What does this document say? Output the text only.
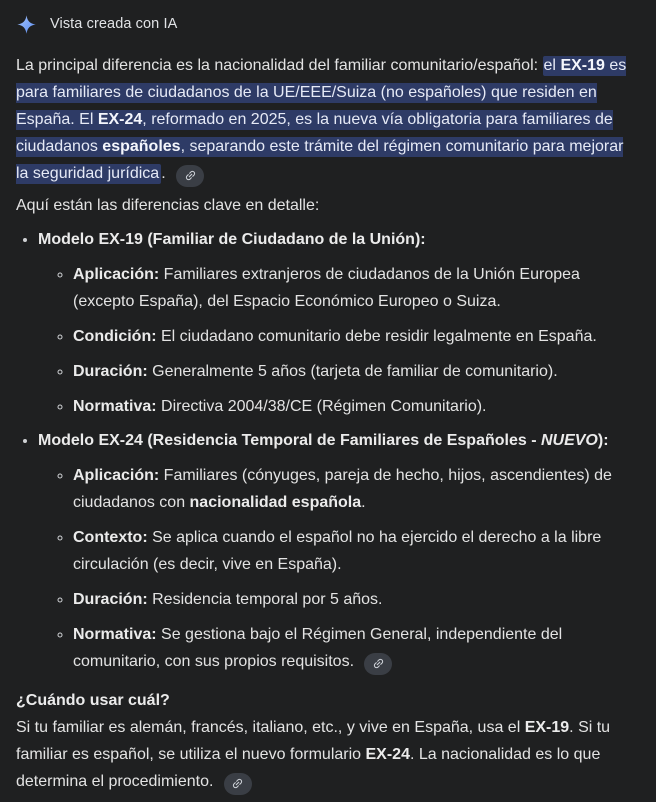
Vista creada con IA

La principal diferencia es la nacionalidad del familiar comunitario/español: el EX-19 es para familiares de ciudadanos de la UE/EEE/Suiza (no españoles) que residen en España. El EX-24, reformado en 2025, es la nueva vía obligatoria para familiares de ciudadanos españoles, separando este trámite del régimen comunitario para mejorar la seguridad jurídica .

Aquí están las diferencias clave en detalle:

• Modelo EX-19 (Familiar de Ciudadano de la Unión):
◦ Aplicación: Familiares extranjeros de ciudadanos de la Unión Europea (excepto España), del Espacio Económico Europeo o Suiza.
◦ Condición: El ciudadano comunitario debe residir legalmente en España.
◦ Duración: Generalmente 5 años (tarjeta de familiar de comunitario).
◦ Normativa: Directiva 2004/38/CE (Régimen Comunitario).
• Modelo EX-24 (Residencia Temporal de Familiares de Españoles - NUEVO):
◦ Aplicación: Familiares (cónyuges, pareja de hecho, hijos, ascendientes) de ciudadanos con nacionalidad española.
◦ Contexto: Se aplica cuando el español no ha ejercido el derecho a la libre circulación (es decir, vive en España).
◦ Duración: Residencia temporal por 5 años.
◦ Normativa: Se gestiona bajo el Régimen General, independiente del comunitario, con sus propios requisitos.

¿Cuándo usar cuál?

Si tu familiar es alemán, francés, italiano, etc., y vive en España, usa el EX-19. Si tu familiar es español, se utiliza el nuevo formulario EX-24. La nacionalidad es lo que determina el procedimiento.
